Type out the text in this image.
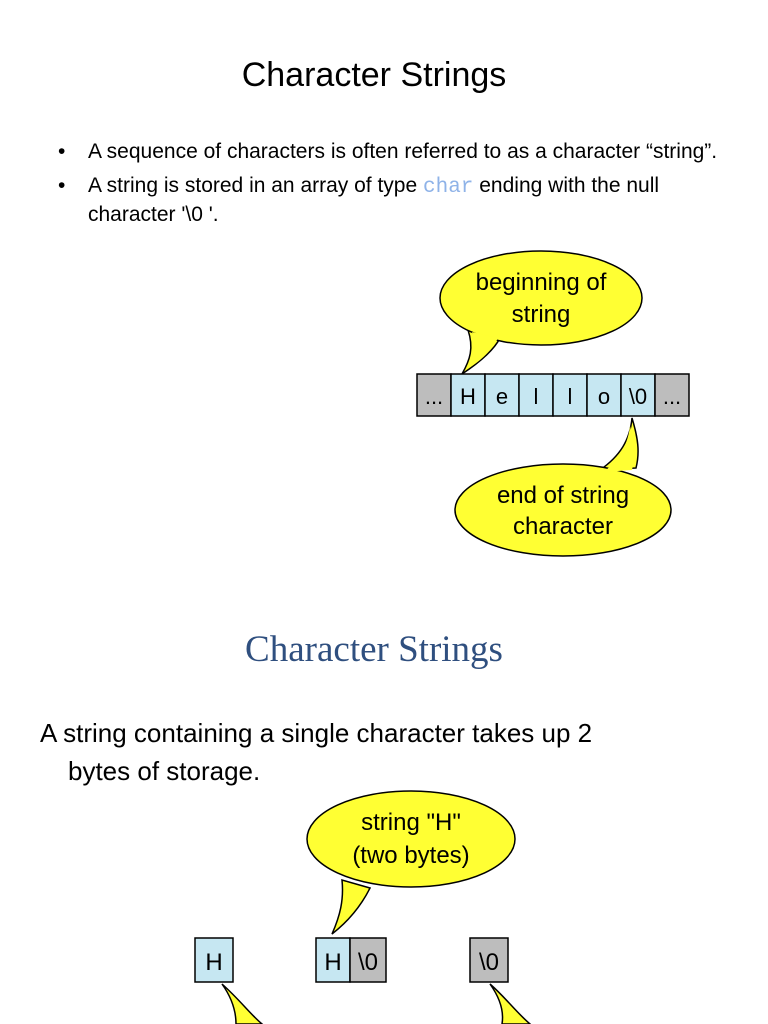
Character Strings
• A sequence of characters is often referred to as a character “string”.
• A string is stored in an array of type char ending with the null character '\0 '.
beginning of
string
... H e l l o \0 ...
end of string
character
string "H"
(two bytes)
H	H \0	\0
Character Strings
A string containing a single character takes up 2
bytes of storage.
